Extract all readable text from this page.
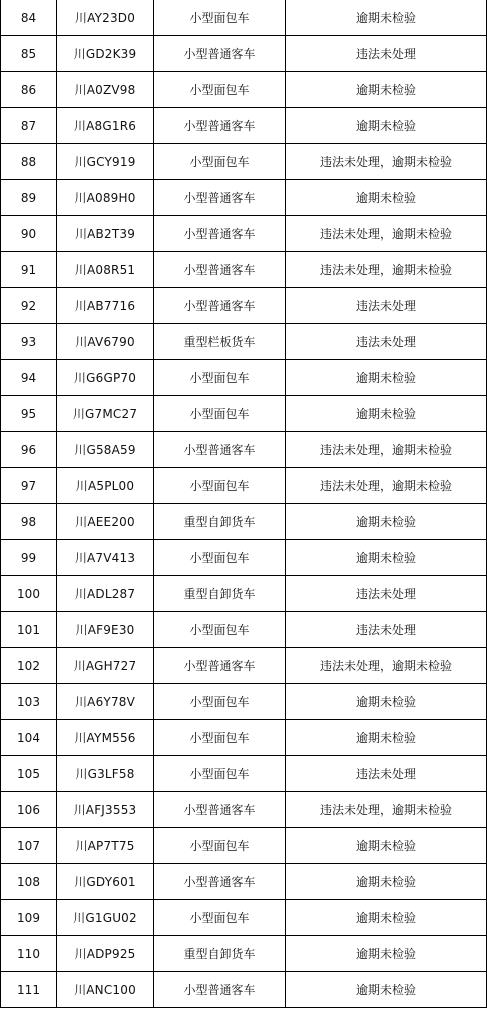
84	川AY23D0	小型面包车	逾期未检验
85	川GD2K39	小型普通客车	违法未处理
86	川A0ZV98	小型面包车	逾期未检验
87	川A8G1R6	小型普通客车	逾期未检验
88	川GCY919	小型面包车	违法未处理，逾期未检验
89	川A089H0	小型普通客车	逾期未检验
90	川AB2T39	小型普通客车	违法未处理，逾期未检验
91	川A08R51	小型普通客车	违法未处理，逾期未检验
92	川AB7716	小型普通客车	违法未处理
93	川AV6790	重型栏板货车	违法未处理
94	川G6GP70	小型面包车	逾期未检验
95	川G7MC27	小型面包车	逾期未检验
96	川G58A59	小型普通客车	违法未处理，逾期未检验
97	川A5PL00	小型面包车	违法未处理，逾期未检验
98	川AEE200	重型自卸货车	逾期未检验
99	川A7V413	小型面包车	逾期未检验
100	川ADL287	重型自卸货车	违法未处理
101	川AF9E30	小型面包车	违法未处理
102	川AGH727	小型普通客车	违法未处理，逾期未检验
103	川A6Y78V	小型面包车	逾期未检验
104	川AYM556	小型面包车	逾期未检验
105	川G3LF58	小型面包车	违法未处理
106	川AFJ3553	小型普通客车	违法未处理，逾期未检验
107	川AP7T75	小型面包车	逾期未检验
108	川GDY601	小型普通客车	逾期未检验
109	川G1GU02	小型面包车	逾期未检验
110	川ADP925	重型自卸货车	逾期未检验
111	川ANC100	小型普通客车	逾期未检验
